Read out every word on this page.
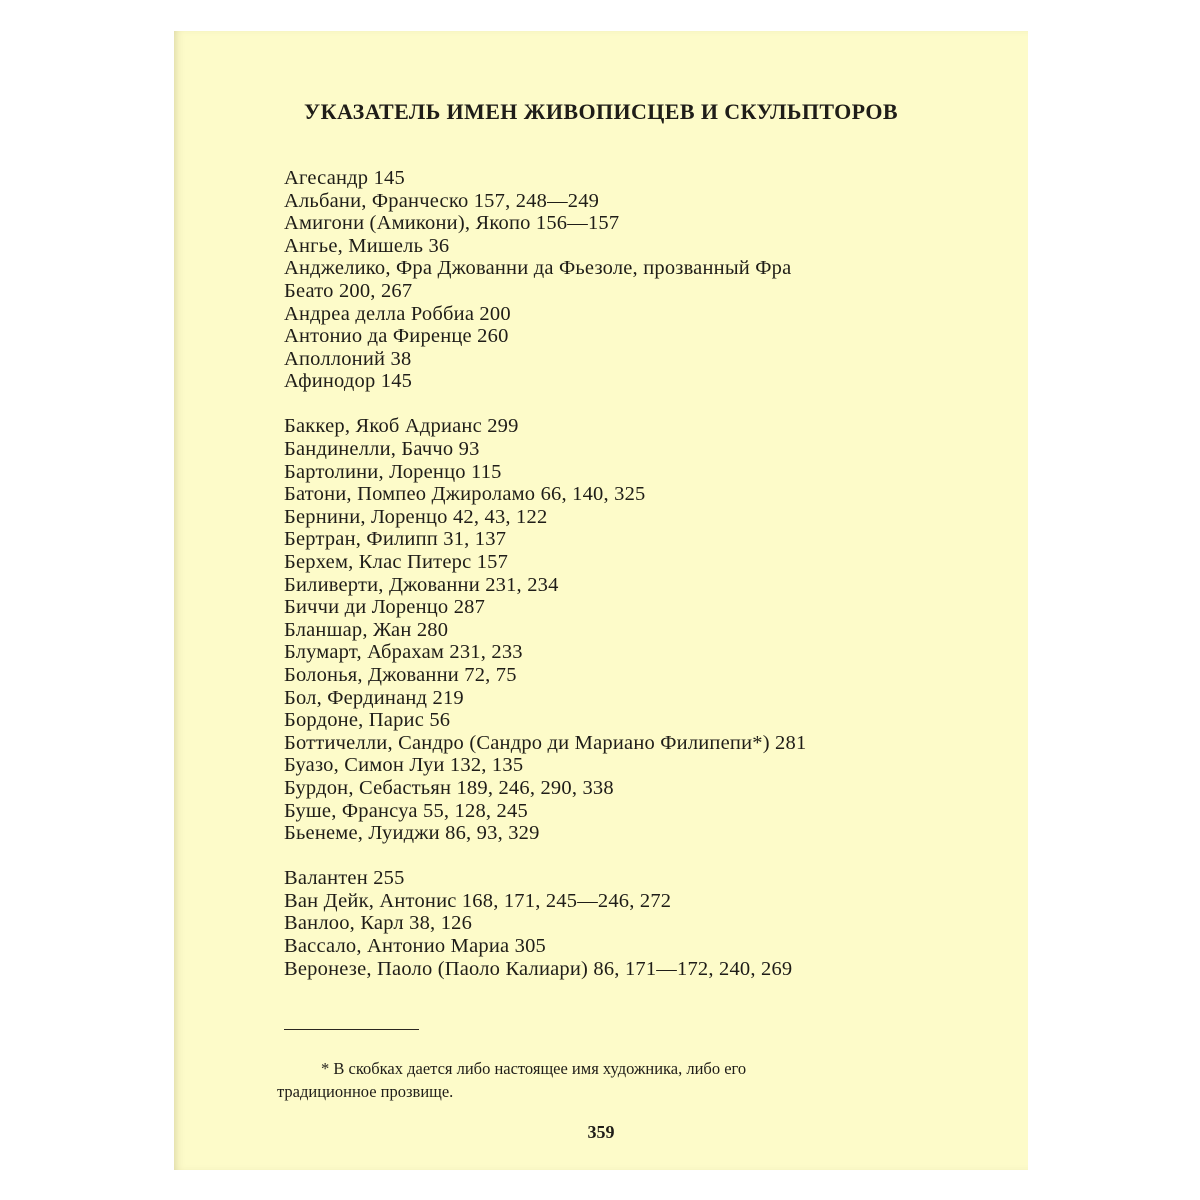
УКАЗАТЕЛЬ ИМЕН ЖИВОПИСЦЕВ И СКУЛЬПТОРОВ
Агесандр 145
Альбани, Франческо 157, 248—249
Амигони (Амикони), Якопо 156—157
Ангье, Мишель 36
Анджелико, Фра Джованни да Фьезоле, прозванный Фра
Беато 200, 267
Андреа делла Роббиа 200
Антонио да Фиренце 260
Аполлоний 38
Афинодор 145
Баккер, Якоб Адрианс 299
Бандинелли, Баччо 93
Бартолини, Лоренцо 115
Батони, Помпео Джироламо 66, 140, 325
Бернини, Лоренцо 42, 43, 122
Бертран, Филипп 31, 137
Берхем, Клас Питерс 157
Биливерти, Джованни 231, 234
Биччи ди Лоренцо 287
Бланшар, Жан 280
Блумарт, Абрахам 231, 233
Болонья, Джованни 72, 75
Бол, Фердинанд 219
Бордоне, Парис 56
Боттичелли, Сандро (Сандро ди Мариано Филипепи*) 281
Буазо, Симон Луи 132, 135
Бурдон, Себастьян 189, 246, 290, 338
Буше, Франсуа 55, 128, 245
Бьенеме, Луиджи 86, 93, 329
Валантен 255
Ван Дейк, Антонис 168, 171, 245—246, 272
Ванлоо, Карл 38, 126
Вассало, Антонио Мариа 305
Веронезе, Паоло (Паоло Калиари) 86, 171—172, 240, 269
* В скобках дается либо настоящее имя художника, либо его
традиционное прозвище.
359
